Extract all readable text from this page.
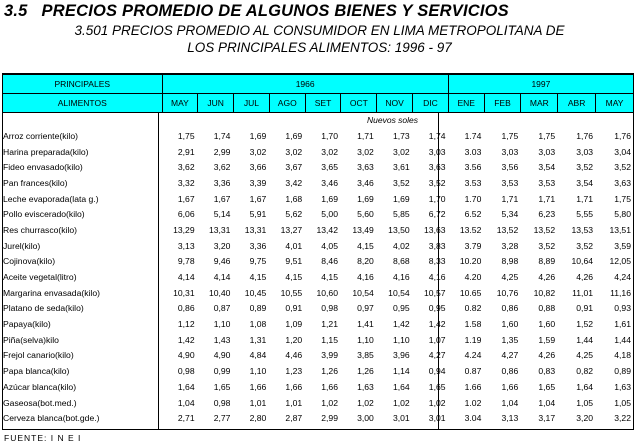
3.5 PRECIOS PROMEDIO DE ALGUNOS BIENES Y SERVICIOS
3.501 PRECIOS PROMEDIO AL CONSUMIDOR EN LIMA METROPOLITANA DE
LOS PRINCIPALES ALIMENTOS: 1996 - 97
PRINCIPALES	1966								1997				
ALIMENTOS	MAY	JUN	JUL	AGO	SET	OCT	NOV	DIC	ENE	FEB	MAR	ABR	MAY
Nuevos soles
Arroz corriente(kilo)	1,75	1,74	1,69	1,69	1,70	1,71	1,73	1,74	1.74	1,75	1,75	1,76	1,76
Harina preparada(kilo)	2,91	2,99	3,02	3,02	3,02	3,02	3,02	3,03	3.03	3,03	3,03	3,03	3,04
Fideo envasado(kilo)	3,62	3,62	3,66	3,67	3,65	3,63	3,61	3,63	3.56	3,56	3,54	3,52	3,52
Pan frances(kilo)	3,32	3,36	3,39	3,42	3,46	3,46	3,52	3,52	3.53	3,53	3,53	3,54	3,63
Leche evaporada(lata g.)	1,67	1,67	1,67	1,68	1,69	1,69	1,69	1,70	1.70	1,71	1,71	1,71	1,75
Pollo eviscerado(kilo)	6,06	5,14	5,91	5,62	5,00	5,60	5,85	6,72	6.52	5,34	6,23	5,55	5,80
Res churrasco(kilo)	13,29	13,31	13,31	13,27	13,42	13,49	13,50	13,63	13.52	13,52	13,52	13,53	13,51
Jurel(kilo)	3,13	3,20	3,36	4,01	4,05	4,15	4,02	3,83	3.79	3,28	3,52	3,52	3,59
Cojinova(kilo)	9,78	9,46	9,75	9,51	8,46	8,20	8,68	8,33	10.20	8,98	8,89	10,64	12,05
Aceite vegetal(litro)	4,14	4,14	4,15	4,15	4,15	4,16	4,16	4,16	4.20	4,25	4,26	4,26	4,24
Margarina envasada(kilo)	10,31	10,40	10,45	10,55	10,60	10,54	10,54	10,57	10.65	10,76	10,82	11,01	11,16
Platano de seda(kilo)	0,86	0,87	0,89	0,91	0,98	0,97	0,95	0,95	0.82	0,86	0,88	0,91	0,93
Papaya(kilo)	1,12	1,10	1,08	1,09	1,21	1,41	1,42	1,42	1.58	1,60	1,60	1,52	1,61
Piña(selva)kilo	1,42	1,43	1,31	1,20	1,15	1,10	1,10	1,07	1.19	1,35	1,59	1,44	1,44
Frejol canario(kilo)	4,90	4,90	4,84	4,46	3,99	3,85	3,96	4,27	4.24	4,27	4,26	4,25	4,18
Papa blanca(kilo)	0,98	0,99	1,10	1,23	1,26	1,26	1,14	0,94	0.87	0,86	0,83	0,82	0,89
Azúcar blanca(kilo)	1,64	1,65	1,66	1,66	1,66	1,63	1,64	1,65	1.66	1,66	1,65	1,64	1,63
Gaseosa(bot.med.)	1,04	0,98	1,01	1,01	1,02	1,02	1,02	1,02	1.02	1,04	1,04	1,05	1,05
Cerveza blanca(bot.gde.)	2,71	2,77	2,80	2,87	2,99	3,00	3,01	3,01	3.04	3,13	3,17	3,20	3,22
FUENTE: I N E I
